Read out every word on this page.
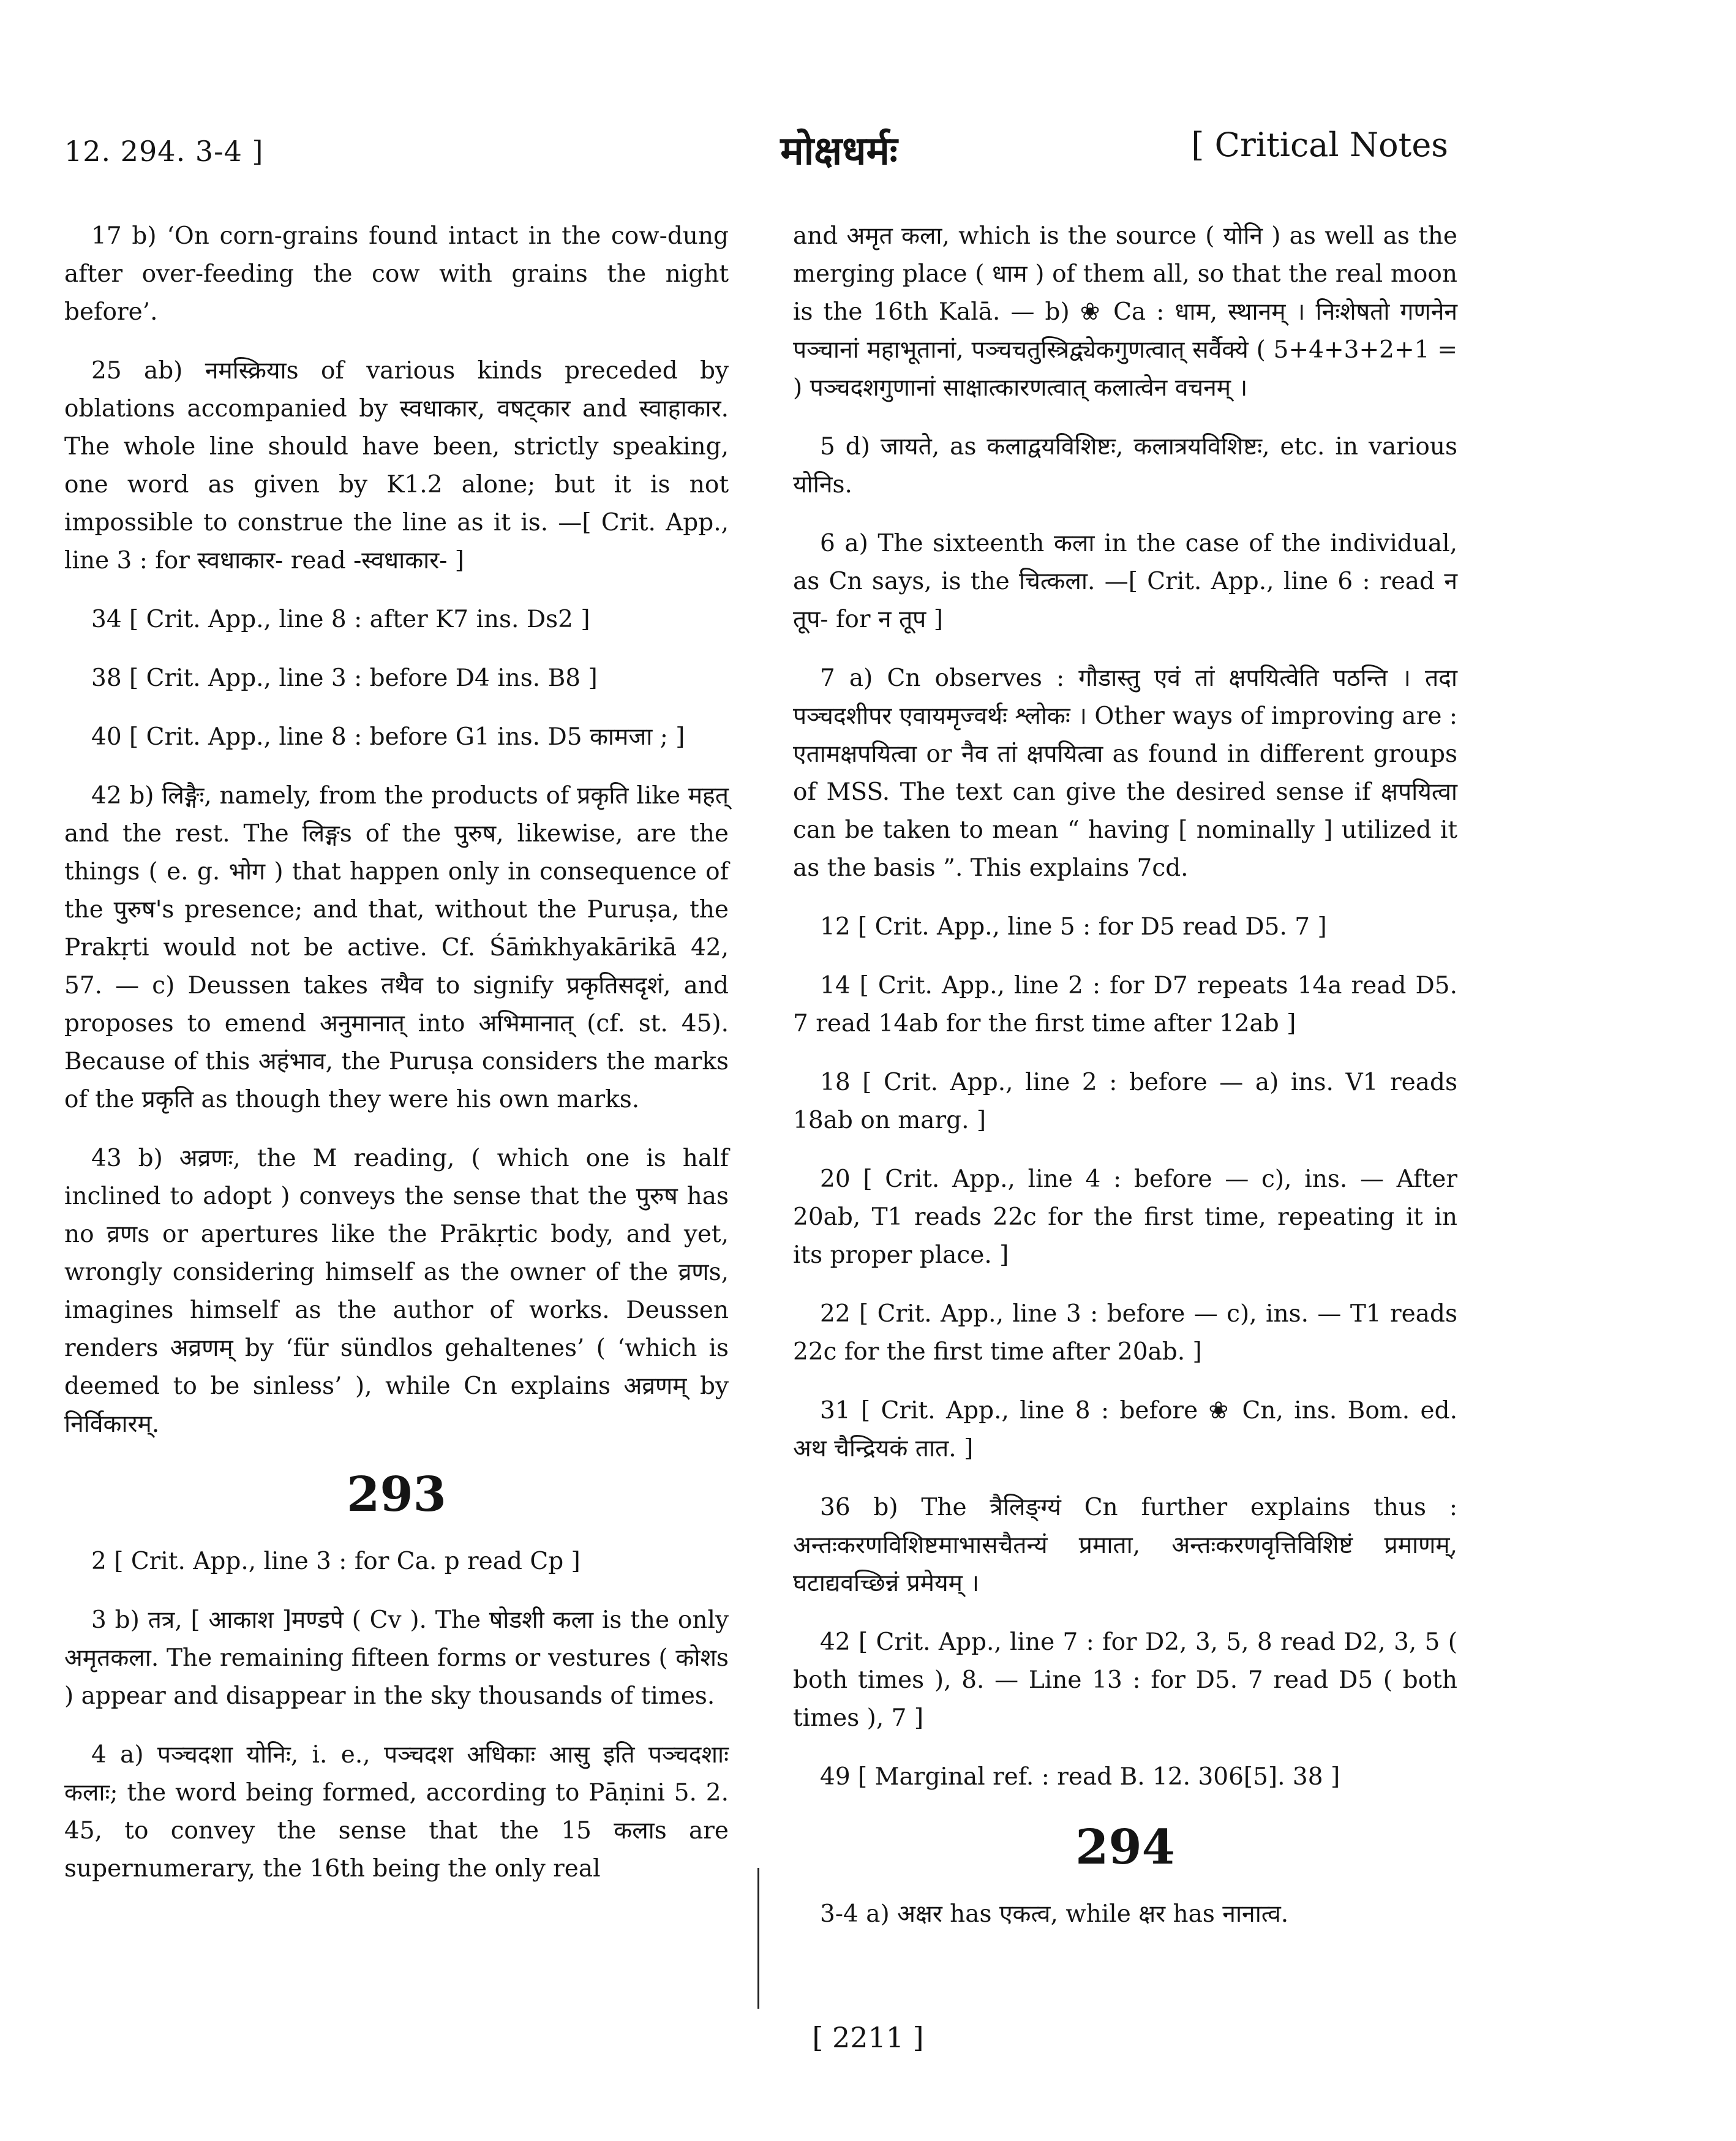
12. 294. 3-4 ]	मोक्षधर्मः	[ Critical Notes

17 b) ‘On corn-grains found intact in the cow-dung after over-feeding the cow with grains the night before’.

25 ab) नमस्क्रियाs of various kinds preceded by oblations accompanied by स्वधाकार, वषट्कार and स्वाहाकार. The whole line should have been, strictly speaking, one word as given by K1.2 alone; but it is not impossible to construe the line as it is. —[ Crit. App., line 3 : for स्वधाकार- read -स्वधाकार- ]

34 [ Crit. App., line 8 : after K7 ins. Ds2 ]

38 [ Crit. App., line 3 : before D4 ins. B8 ]

40 [ Crit. App., line 8 : before G1 ins. D5 कामजा ; ]

42 b) लिङ्गैः, namely, from the products of प्रकृति like महत् and the rest. The लिङ्गs of the पुरुष, likewise, are the things ( e. g. भोग ) that happen only in consequence of the पुरुष's presence; and that, without the Puruṣa, the Prakṛti would not be active. Cf. Śāṁkhyakārikā 42, 57. — c) Deussen takes तथैव to signify प्रकृतिसदृशं, and proposes to emend अनुमानात् into अभिमानात् (cf. st. 45). Because of this अहंभाव, the Puruṣa considers the marks of the प्रकृति as though they were his own marks.

43 b) अव्रणः, the M reading, ( which one is half inclined to adopt ) conveys the sense that the पुरुष has no व्रणs or apertures like the Prākṛtic body, and yet, wrongly considering himself as the owner of the व्रणs, imagines himself as the author of works. Deussen renders अव्रणम् by ‘für sündlos gehaltenes’ ( ‘which is deemed to be sinless’ ), while Cn explains अव्रणम् by निर्विकारम्.

293

2 [ Crit. App., line 3 : for Ca. p read Cp ]

3 b) तत्र, [ आकाश ]मण्डपे ( Cv ). The षोडशी कला is the only अमृतकला. The remaining fifteen forms or vestures ( कोशs ) appear and disappear in the sky thousands of times.

4 a) पञ्चदशा योनिः, i. e., पञ्चदश अधिकाः आसु इति पञ्चदशाः कलाः; the word being formed, according to Pāṇini 5. 2. 45, to convey the sense that the 15 कलाs are supernumerary, the 16th being the only real

and अमृत कला, which is the source ( योनि ) as well as the merging place ( धाम ) of them all, so that the real moon is the 16th Kalā. — b) ❀ Ca : धाम, स्थानम् । निःशेषतो गणनेन पञ्चानां महाभूतानां, पञ्चचतुस्त्रिद्व्येकगुणत्वात् सर्वैक्ये ( 5+4+3+2+1 = ) पञ्चदशगुणानां साक्षात्कारणत्वात् कलात्वेन वचनम् ।

5 d) जायते, as कलाद्वयविशिष्टः, कलात्रयविशिष्टः, etc. in various योनिs.

6 a) The sixteenth कला in the case of the individual, as Cn says, is the चित्कला. —[ Crit. App., line 6 : read न तूप- for न तूप ]

7 a) Cn observes : गौडास्तु एवं तां क्षपयित्वेति पठन्ति । तदा पञ्चदशीपर एवायमृज्वर्थः श्लोकः । Other ways of improving are : एतामक्षपयित्वा or नैव तां क्षपयित्वा as found in different groups of MSS. The text can give the desired sense if क्षपयित्वा can be taken to mean “ having [ nominally ] utilized it as the basis ”. This explains 7cd.

12 [ Crit. App., line 5 : for D5 read D5. 7 ]

14 [ Crit. App., line 2 : for D7 repeats 14a read D5. 7 read 14ab for the first time after 12ab ]

18 [ Crit. App., line 2 : before — a) ins. V1 reads 18ab on marg. ]

20 [ Crit. App., line 4 : before — c), ins. — After 20ab, T1 reads 22c for the first time, repeating it in its proper place. ]

22 [ Crit. App., line 3 : before — c), ins. — T1 reads 22c for the first time after 20ab. ]

31 [ Crit. App., line 8 : before ❀ Cn, ins. Bom. ed. अथ चैन्द्रियकं तात. ]

36 b) The त्रैलिङ्ग्यं Cn further explains thus : अन्तःकरणविशिष्टमाभासचैतन्यं प्रमाता, अन्तःकरणवृत्तिविशिष्टं प्रमाणम्, घटाद्यवच्छिन्नं प्रमेयम् ।

42 [ Crit. App., line 7 : for D2, 3, 5, 8 read D2, 3, 5 ( both times ), 8. — Line 13 : for D5. 7 read D5 ( both times ), 7 ]

49 [ Marginal ref. : read B. 12. 306[5]. 38 ]

294

3-4 a) अक्षर has एकत्व, while क्षर has नानात्व.

[ 2211 ]
